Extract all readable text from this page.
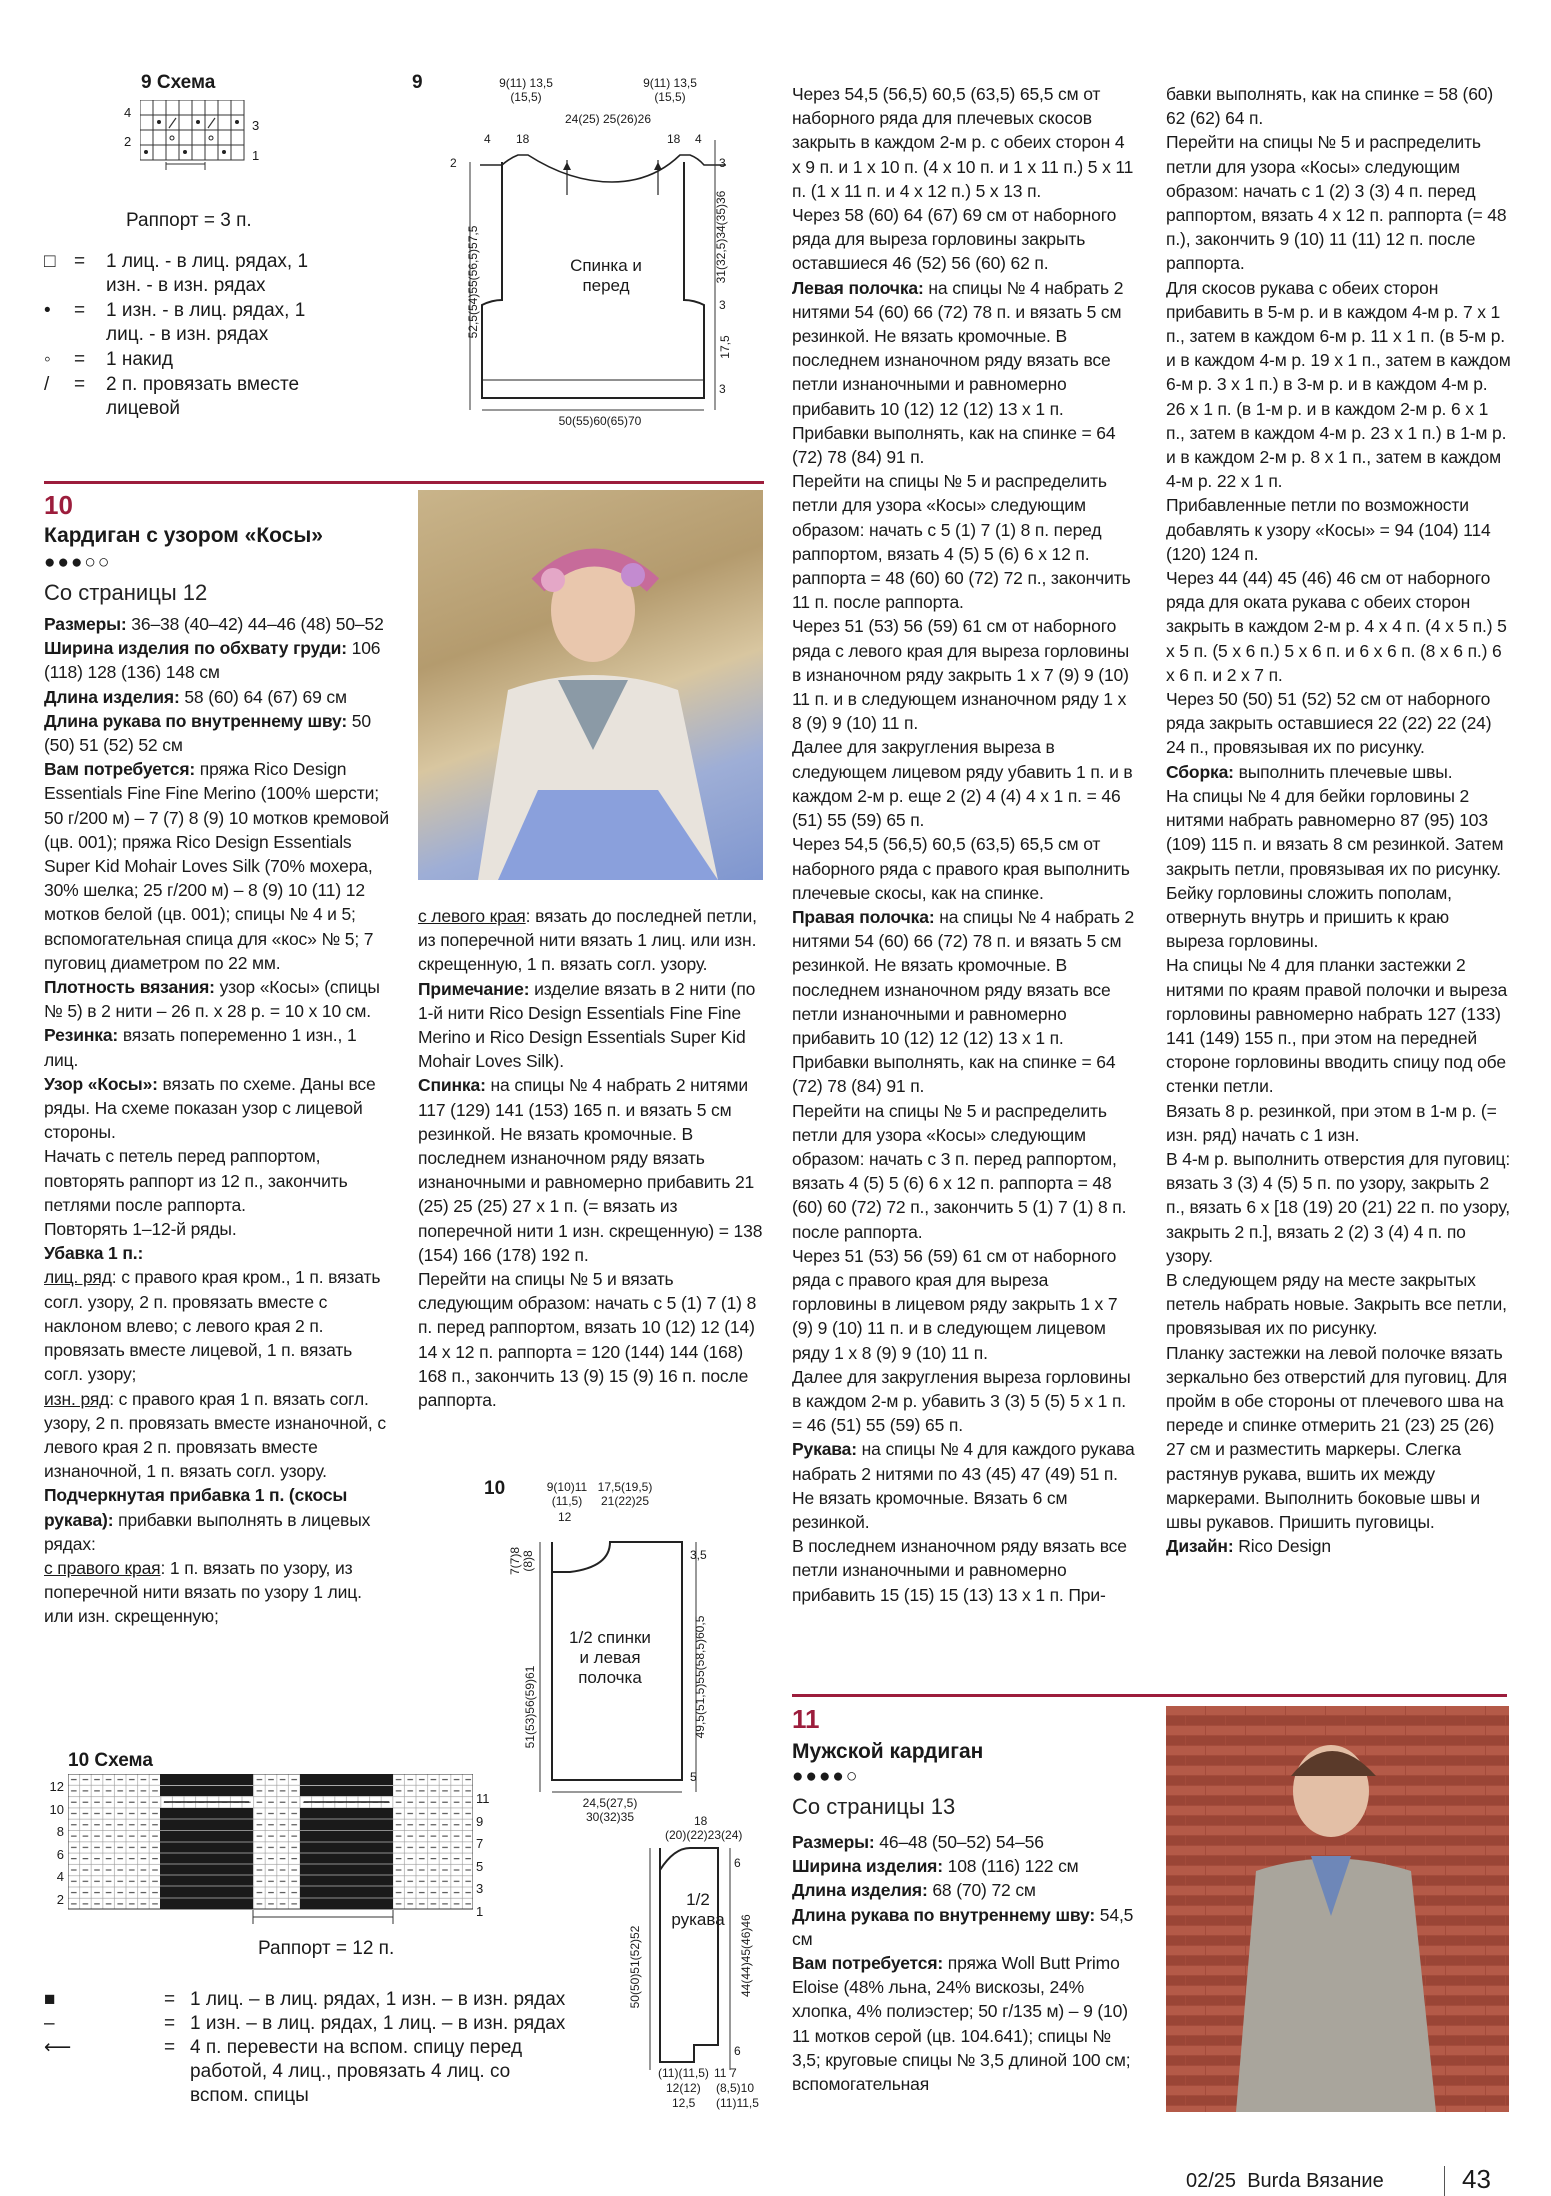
9 Схема
4
2
3
1
Раппорт = 3 п.
□ =	1 лиц. - в лиц. рядах, 1 изн. - в изн. рядах
• =	1 изн. - в лиц. рядах, 1 лиц. - в изн. рядах
◦ =	1 накид
/ =	2 п. провязать вместе лицевой
9	9(11) 13,5 (15,5)
24(25) 25(26)26
9(11) 13,5 (15,5)
4 18	18 4
Спинка и перед
2
52,5(54)55(56,5)57,5
3
31(32,5)34(35)36
3
17,5
3
50(55)60(65)70
10
Кардиган с узором «Косы»
●●●○○
Со страницы 12

Размеры: 36–38 (40–42) 44–46 (48) 50–52

Ширина изделия по обхвату груди: 106 (118) 128 (136) 148 см

Длина изделия: 58 (60) 64 (67) 69 см

Длина рукава по внутреннему шву: 50 (50) 51 (52) 52 см

Вам потребуется: пряжа Rico Design Essentials Fine Fine Merino (100% шерсти; 50 г/200 м) – 7 (7) 8 (9) 10 мотков кремовой (цв. 001); пряжа Rico Design Essentials Super Kid Mohair Loves Silk (70% мохера, 30% шелка; 25 г/200 м) – 8 (9) 10 (11) 12 мотков белой (цв. 001); спицы № 4 и 5; вспомогательная спица для «кос» № 5; 7 пуговиц диаметром по 22 мм.

Плотность вязания: узор «Косы» (спицы № 5) в 2 нити – 26 п. x 28 р. = 10 x 10 см.

Резинка: вязать попеременно 1 изн., 1 лиц.

Узор «Косы»: вязать по схеме. Даны все ряды. На схеме показан узор с лицевой стороны.

Начать с петель перед раппортом, повторять раппорт из 12 п., закончить петлями после раппорта.

Повторять 1–12-й ряды.

Убавка 1 п.:

лиц. ряд: с правого края кром., 1 п. вязать согл. узору, 2 п. провязать вместе с наклоном влево; с левого края 2 п. провязать вместе лицевой, 1 п. вязать согл. узору;

изн. ряд: с правого края 1 п. вязать согл. узору, 2 п. провязать вместе изнаночной, с левого края 2 п. провязать вместе изнаночной, 1 п. вязать согл. узору.

Подчеркнутая прибавка 1 п. (скосы рукава): прибавки выполнять в лицевых рядах:

с правого края: 1 п. вязать по узору, из поперечной нити вязать по узору 1 лиц. или изн. скрещенную;

с левого края: вязать до последней петли, из поперечной нити вязать 1 лиц. или изн. скрещенную, 1 п. вязать согл. узору.

Примечание: изделие вязать в 2 нити (по 1-й нити Rico Design Essentials Fine Fine Merino и Rico Design Essentials Super Kid Mohair Loves Silk).

Спинка: на спицы № 4 набрать 2 нитями 117 (129) 141 (153) 165 п. и вязать 5 см резинкой. Не вязать кромочные. В последнем изнаночном ряду вязать изнаночными и равномерно прибавить 21 (25) 25 (25) 27 x 1 п. (= вязать из поперечной нити 1 изн. скрещенную) = 138 (154) 166 (178) 192 п.

Перейти на спицы № 5 и вязать следующим образом: начать с 5 (1) 7 (1) 8 п. перед раппортом, вязать 10 (12) 12 (14) 14 x 12 п. раппорта = 120 (144) 144 (168) 168 п., закончить 13 (9) 15 (9) 16 п. после раппорта.

Через 54,5 (56,5) 60,5 (63,5) 65,5 см от наборного ряда для плечевых скосов закрыть в каждом 2-м р. с обеих сторон 4 x 9 п. и 1 x 10 п. (4 x 10 п. и 1 x 11 п.) 5 x 11 п. (1 x 11 п. и 4 x 12 п.) 5 x 13 п.

Через 58 (60) 64 (67) 69 см от наборного ряда для выреза горловины закрыть оставшиеся 46 (52) 56 (60) 62 п.

Левая полочка: на спицы № 4 набрать 2 нитями 54 (60) 66 (72) 78 п. и вязать 5 см резинкой. Не вязать кромочные. В последнем изнаночном ряду вязать все петли изнаночными и равномерно прибавить 10 (12) 12 (12) 13 x 1 п. Прибавки выполнять, как на спинке = 64 (72) 78 (84) 91 п.

Перейти на спицы № 5 и распределить петли для узора «Косы» следующим образом: начать с 5 (1) 7 (1) 8 п. перед раппортом, вязать 4 (5) 5 (6) 6 x 12 п. раппорта = 48 (60) 60 (72) 72 п., закончить 11 п. после раппорта.

Через 51 (53) 56 (59) 61 см от наборного ряда с левого края для выреза горловины в изнаночном ряду закрыть 1 x 7 (9) 9 (10) 11 п. и в следующем изнаночном ряду 1 x 8 (9) 9 (10) 11 п.

Далее для закругления выреза в следующем лицевом ряду убавить 1 п. и в каждом 2-м р. еще 2 (2) 4 (4) 4 x 1 п. = 46 (51) 55 (59) 65 п.

Через 54,5 (56,5) 60,5 (63,5) 65,5 см от наборного ряда с правого края выполнить плечевые скосы, как на спинке.

Правая полочка: на спицы № 4 набрать 2 нитями 54 (60) 66 (72) 78 п. и вязать 5 см резинкой. Не вязать кромочные. В последнем изнаночном ряду вязать все петли изнаночными и равномерно прибавить 10 (12) 12 (12) 13 x 1 п. Прибавки выполнять, как на спинке = 64 (72) 78 (84) 91 п.

Перейти на спицы № 5 и распределить петли для узора «Косы» следующим образом: начать с 3 п. перед раппортом, вязать 4 (5) 5 (6) 6 x 12 п. раппорта = 48 (60) 60 (72) 72 п., закончить 5 (1) 7 (1) 8 п. после раппорта.

Через 51 (53) 56 (59) 61 см от наборного ряда с правого края для выреза горловины в лицевом ряду закрыть 1 x 7 (9) 9 (10) 11 п. и в следующем лицевом ряду 1 x 8 (9) 9 (10) 11 п.

Далее для закругления выреза горловины в каждом 2-м р. убавить 3 (3) 5 (5) 5 x 1 п. = 46 (51) 55 (59) 65 п.

Рукава: на спицы № 4 для каждого рукава набрать 2 нитями по 43 (45) 47 (49) 51 п. Не вязать кромочные. Вязать 6 см резинкой.

В последнем изнаночном ряду вязать все петли изнаночными и равномерно прибавить 15 (15) 15 (13) 13 x 1 п. При-

бавки выполнять, как на спинке = 58 (60) 62 (62) 64 п.

Перейти на спицы № 5 и распределить петли для узора «Косы» следующим образом: начать с 1 (2) 3 (3) 4 п. перед раппортом, вязать 4 x 12 п. раппорта (= 48 п.), закончить 9 (10) 11 (11) 12 п. после раппорта.

Для скосов рукава с обеих сторон прибавить в 5-м р. и в каждом 4-м р. 7 x 1 п., затем в каждом 6-м р. 11 x 1 п. (в 5-м р. и в каждом 4-м р. 19 x 1 п., затем в каждом 6-м р. 3 x 1 п.) в 3-м р. и в каждом 4-м р. 26 x 1 п. (в 1-м р. и в каждом 2-м р. 6 x 1 п., затем в каждом 4-м р. 23 x 1 п.) в 1-м р. и в каждом 2-м р. 8 x 1 п., затем в каждом 4-м р. 22 x 1 п.

Прибавленные петли по возможности добавлять к узору «Косы» = 94 (104) 114 (120) 124 п.

Через 44 (44) 45 (46) 46 см от наборного ряда для оката рукава с обеих сторон закрыть в каждом 2-м р. 4 x 4 п. (4 x 5 п.) 5 x 5 п. (5 x 6 п.) 5 x 6 п. и 6 x 6 п. (8 x 6 п.) 6 x 6 п. и 2 x 7 п.

Через 50 (50) 51 (52) 52 см от наборного ряда закрыть оставшиеся 22 (22) 22 (24) 24 п., провязывая их по рисунку.

Сборка: выполнить плечевые швы.

На спицы № 4 для бейки горловины 2 нитями набрать равномерно 87 (95) 103 (109) 115 п. и вязать 8 см резинкой. Затем закрыть петли, провязывая их по рисунку.

Бейку горловины сложить пополам, отвернуть внутрь и пришить к краю выреза горловины.

На спицы № 4 для планки застежки 2 нитями по краям правой полочки и выреза горловины равномерно набрать 127 (133) 141 (149) 155 п., при этом на передней стороне горловины вводить спицу под обе стенки петли.

Вязать 8 р. резинкой, при этом в 1-м р. (= изн. ряд) начать с 1 изн.

В 4-м р. выполнить отверстия для пуговиц: вязать 3 (3) 4 (5) 5 п. по узору, закрыть 2 п., вязать 6 x [18 (19) 20 (21) 22 п. по узору, закрыть 2 п.], вязать 2 (2) 3 (4) 4 п. по узору.

В следующем ряду на месте закрытых петель набрать новые. Закрыть все петли, провязывая их по рисунку.

Планку застежки на левой полочке вязать зеркально без отверстий для пуговиц. Для пройм в обе стороны от плечевого шва на переде и спинке отмерить 21 (23) 25 (26) 27 см и разместить маркеры. Слегка растянув рукава, вшить их между маркерами. Выполнить боковые швы и швы рукавов. Пришить пуговицы.

Дизайн: Rico Design

10 Схема
12
10
8
6
4
2
11
9
7
5
3
1
Раппорт = 12 п.
■	= 1 лиц. – в лиц. рядах, 1 изн. – в изн. рядах
–	= 1 изн. – в лиц. рядах, 1 лиц. – в изн. рядах
⟵	= 4 п. перевести на вспом. спицу перед работой, 4 лиц., провязать 4 лиц. со вспом. спицы
10	9(10)11 (11,5)
17,5(19,5) 21(22)25
12
1/2 спинки и левая полочка
7(7)8 (8)8
51(53)56(59)61
3,5
49,5(51,5)55(58,5)60,5
5
24,5(27,5) 30(32)35	18
(20)(22)23(24)
1/2 рукава
50(50)51(52)52
6
44(44)45(46)46
6
(11)(11,5) 11
12(12)
12,5
7
(8,5)10
(11)11,5
11
Мужской кардиган
●●●●○
Со страницы 13

Размеры: 46–48 (50–52) 54–56

Ширина изделия: 108 (116) 122 см

Длина изделия: 68 (70) 72 см

Длина рукава по внутреннему шву: 54,5 см

Вам потребуется: пряжа Woll Butt Primo Eloise (48% льна, 24% вискозы, 24% хлопка, 4% полиэстер; 50 г/135 м) – 9 (10) 11 мотков серой (цв. 104.641); спицы № 3,5; круговые спицы № 3,5 длиной 100 см; вспомогательная

02/25 Burda Вязание	43
